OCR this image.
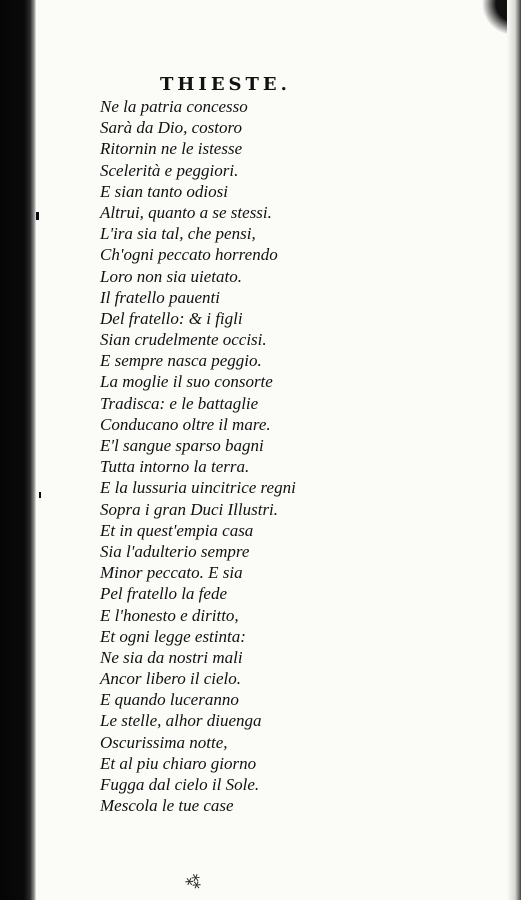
THIESTE.
Ne la patria concesso
Sarà da Dio, costoro
Ritornin ne le istesse
Scelerità e peggiori.
E sian tanto odiosi
Altrui, quanto a se stessi.
L'ira sia tal, che pensi,
Ch'ogni peccato horrendo
Loro non sia uietato.
Il fratello pauenti
Del fratello: & i figli
Sian crudelmente occisi.
E sempre nasca peggio.
La moglie il suo consorte
Tradisca: e le battaglie
Conducano oltre il mare.
E'l sangue sparso bagni
Tutta intorno la terra.
E la lussuria uincitrice regni
Sopra i gran Duci Illustri.
Et in quest'empia casa
Sia l'adulterio sempre
Minor peccato. E sia
Pel fratello la fede
E l'honesto e diritto,
Et ogni legge estinta:
Ne sia da nostri mali
Ancor libero il cielo.
E quando luceranno
Le stelle, alhor diuenga
Oscurissima notte,
Et al piu chiaro giorno
Fugga dal cielo il Sole.
Mescola le tue case
⁂
